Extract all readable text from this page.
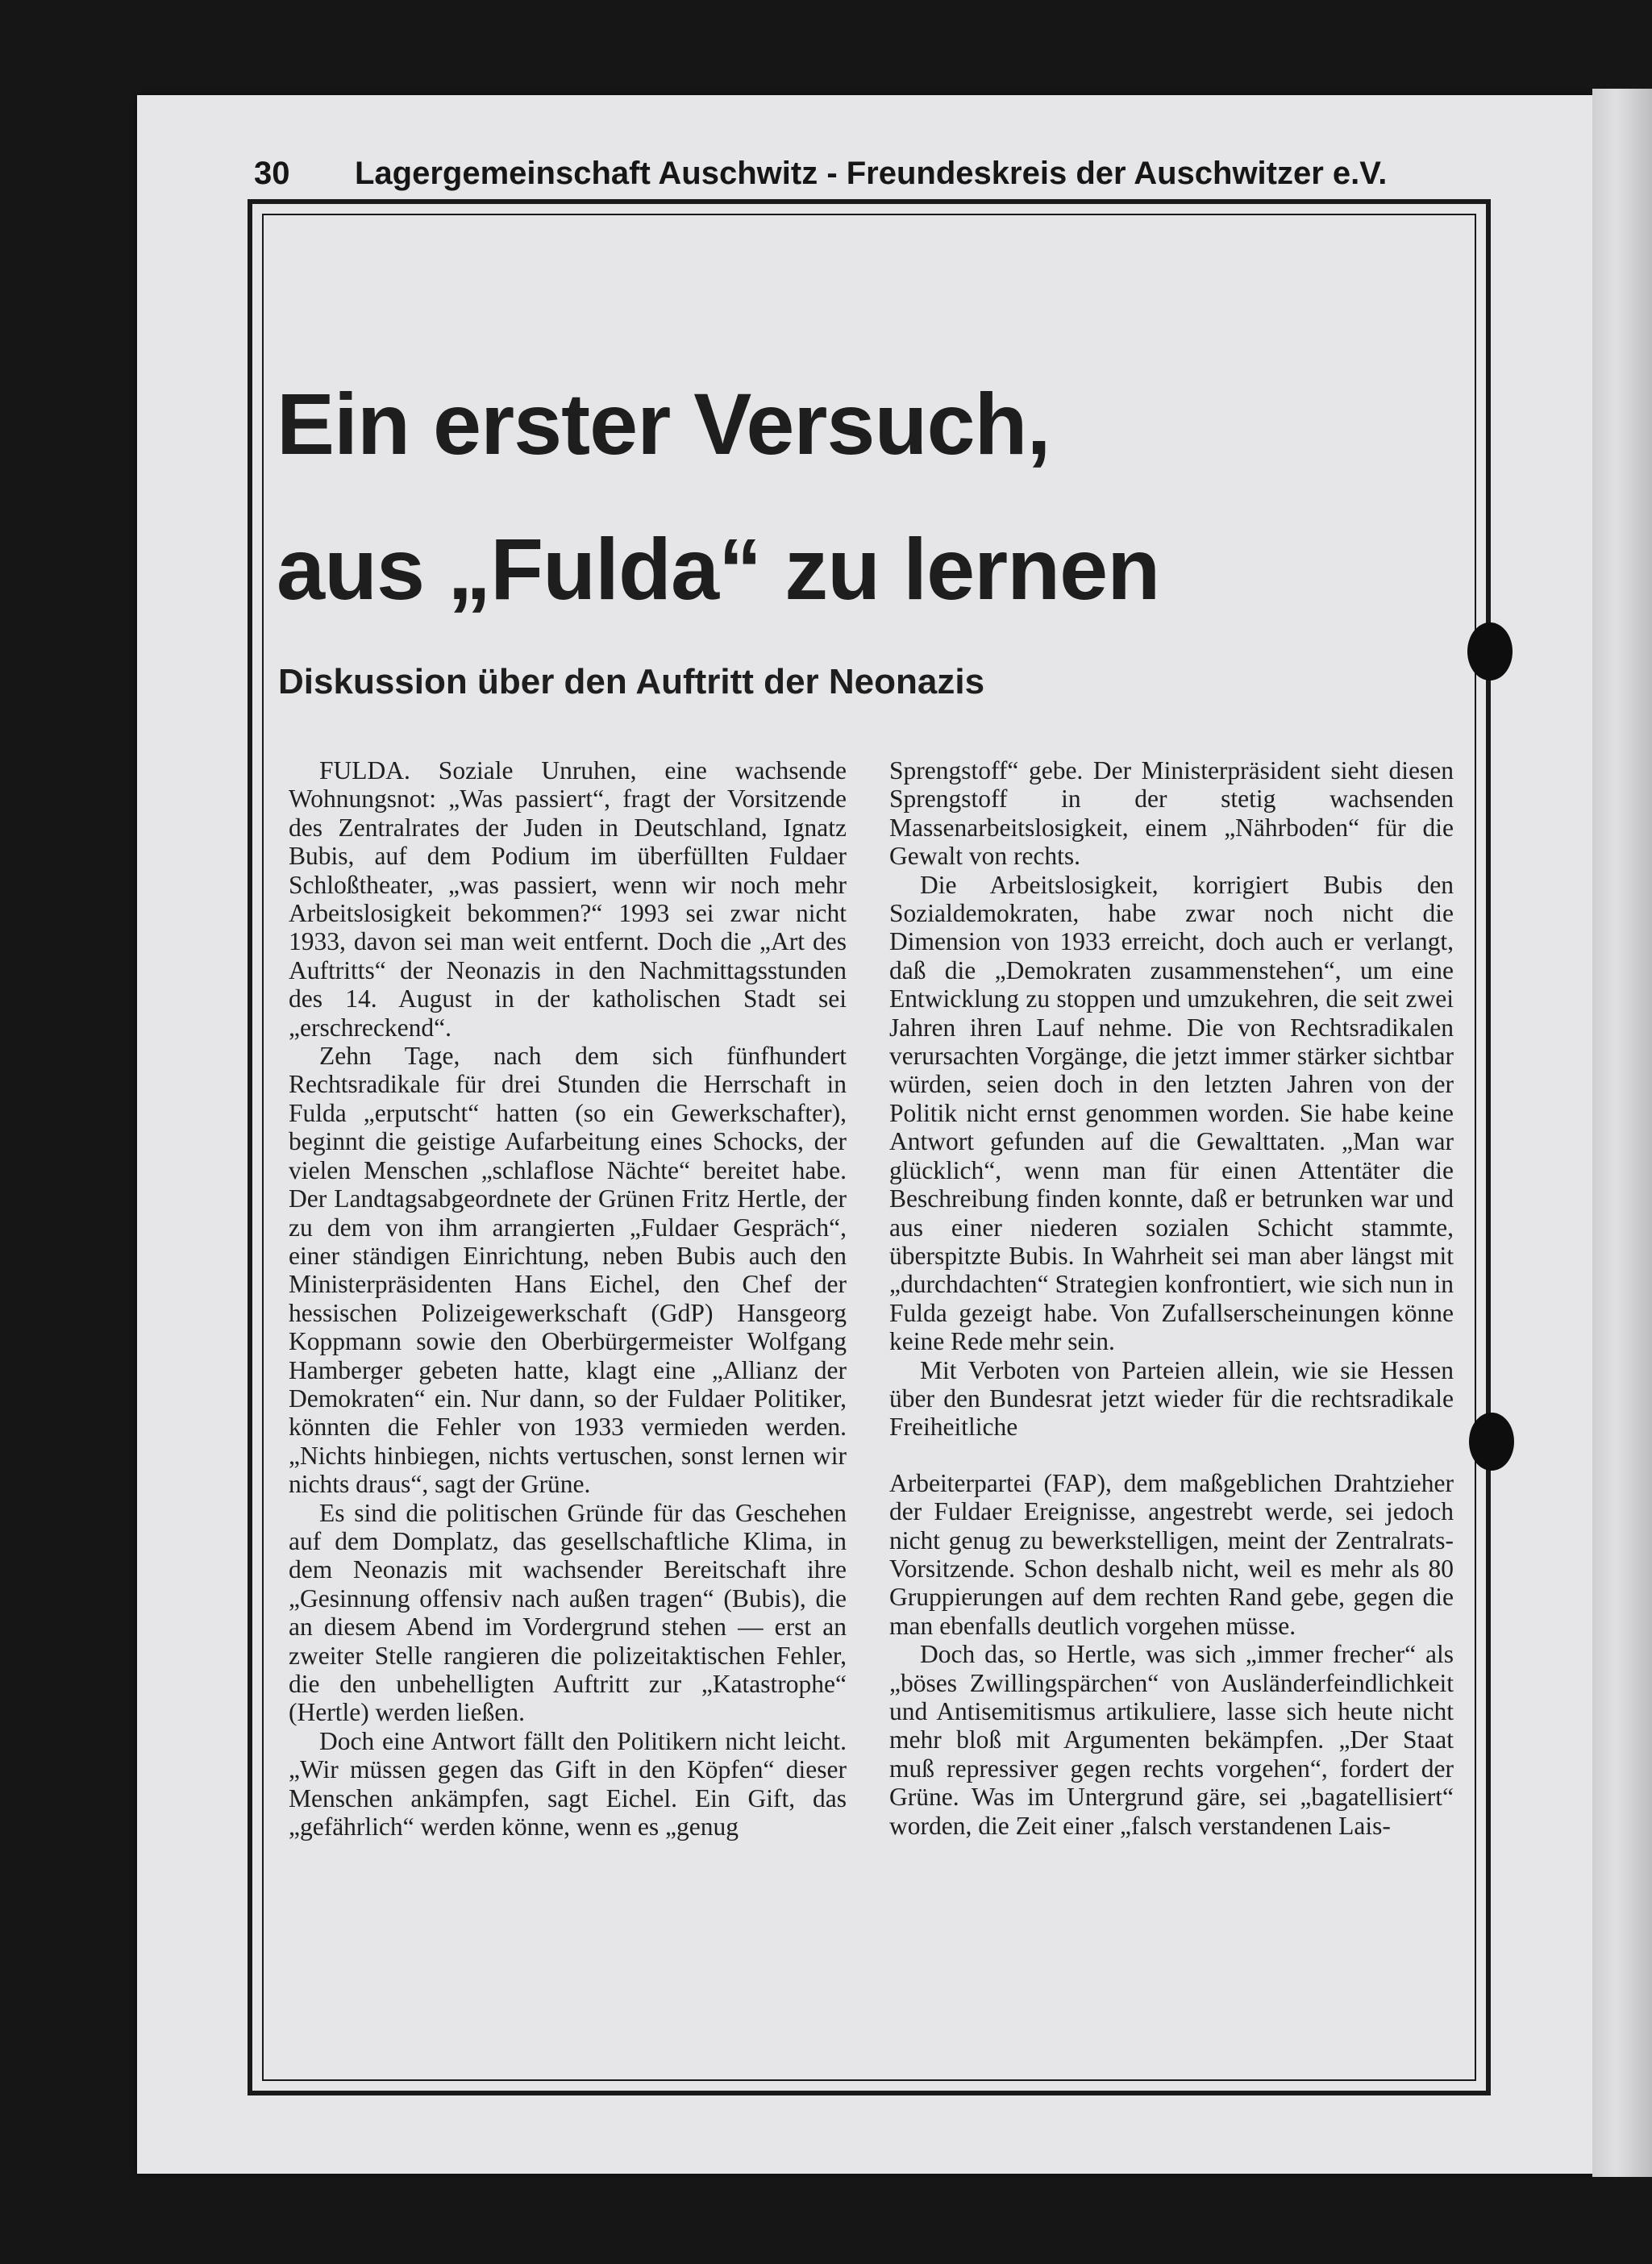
30 Lagergemeinschaft Auschwitz - Freundeskreis der Auschwitzer e.V.
Ein erster Versuch,
aus „Fulda“ zu lernen
Diskussion über den Auftritt der Neonazis

FULDA. Soziale Unruhen, eine wachsende Wohnungsnot: „Was passiert“, fragt der Vorsitzende des Zentralrates der Juden in Deutschland, Ignatz Bubis, auf dem Podium im überfüllten Fuldaer Schloßtheater, „was passiert, wenn wir noch mehr Arbeitslosigkeit bekommen?“ 1993 sei zwar nicht 1933, davon sei man weit entfernt. Doch die „Art des Auftritts“ der Neonazis in den Nachmittagsstunden des 14. August in der katholischen Stadt sei „erschreckend“.

Zehn Tage, nach dem sich fünfhundert Rechtsradikale für drei Stunden die Herrschaft in Fulda „erputscht“ hatten (so ein Gewerkschafter), beginnt die geistige Aufarbeitung eines Schocks, der vielen Menschen „schlaflose Nächte“ bereitet habe. Der Landtagsabgeordnete der Grünen Fritz Hertle, der zu dem von ihm arrangierten „Fuldaer Gespräch“, einer ständigen Einrichtung, neben Bubis auch den Ministerpräsidenten Hans Eichel, den Chef der hessischen Polizeigewerkschaft (GdP) Hansgeorg Koppmann sowie den Oberbürgermeister Wolfgang Hamberger gebeten hatte, klagt eine „Allianz der Demokraten“ ein. Nur dann, so der Fuldaer Politiker, könnten die Fehler von 1933 vermieden werden. „Nichts hinbiegen, nichts vertuschen, sonst lernen wir nichts draus“, sagt der Grüne.

Es sind die politischen Gründe für das Geschehen auf dem Domplatz, das gesellschaftliche Klima, in dem Neonazis mit wachsender Bereitschaft ihre „Gesinnung offensiv nach außen tragen“ (Bubis), die an diesem Abend im Vordergrund stehen — erst an zweiter Stelle rangieren die polizeitaktischen Fehler, die den unbehelligten Auftritt zur „Katastrophe“ (Hertle) werden ließen.

Doch eine Antwort fällt den Politikern nicht leicht. „Wir müssen gegen das Gift in den Köpfen“ dieser Menschen ankämpfen, sagt Eichel. Ein Gift, das „gefährlich“ werden könne, wenn es „genug

Sprengstoff“ gebe. Der Ministerpräsident sieht diesen Sprengstoff in der stetig wachsenden Massenarbeitslosigkeit, einem „Nährboden“ für die Gewalt von rechts.

Die Arbeitslosigkeit, korrigiert Bubis den Sozialdemokraten, habe zwar noch nicht die Dimension von 1933 erreicht, doch auch er verlangt, daß die „Demokraten zusammenstehen“, um eine Entwicklung zu stoppen und umzukehren, die seit zwei Jahren ihren Lauf nehme. Die von Rechtsradikalen verursachten Vorgänge, die jetzt immer stärker sichtbar würden, seien doch in den letzten Jahren von der Politik nicht ernst genommen worden. Sie habe keine Antwort gefunden auf die Gewalttaten. „Man war glücklich“, wenn man für einen Attentäter die Beschreibung finden konnte, daß er betrunken war und aus einer niederen sozialen Schicht stammte, überspitzte Bubis. In Wahrheit sei man aber längst mit „durchdachten“ Strategien konfrontiert, wie sich nun in Fulda gezeigt habe. Von Zufallserscheinungen könne keine Rede mehr sein.

Mit Verboten von Parteien allein, wie sie Hessen über den Bundesrat jetzt wieder für die rechtsradikale Freiheitliche

Arbeiterpartei (FAP), dem maßgeblichen Drahtzieher der Fuldaer Ereignisse, angestrebt werde, sei jedoch nicht genug zu bewerkstelligen, meint der Zentralrats-Vorsitzende. Schon deshalb nicht, weil es mehr als 80 Gruppierungen auf dem rechten Rand gebe, gegen die man ebenfalls deutlich vorgehen müsse.

Doch das, so Hertle, was sich „immer frecher“ als „böses Zwillingspärchen“ von Ausländerfeindlichkeit und Antisemitismus artikuliere, lasse sich heute nicht mehr bloß mit Argumenten bekämpfen. „Der Staat muß repressiver gegen rechts vorgehen“, fordert der Grüne. Was im Untergrund gäre, sei „bagatellisiert“ worden, die Zeit einer „falsch verstandenen Lais-
